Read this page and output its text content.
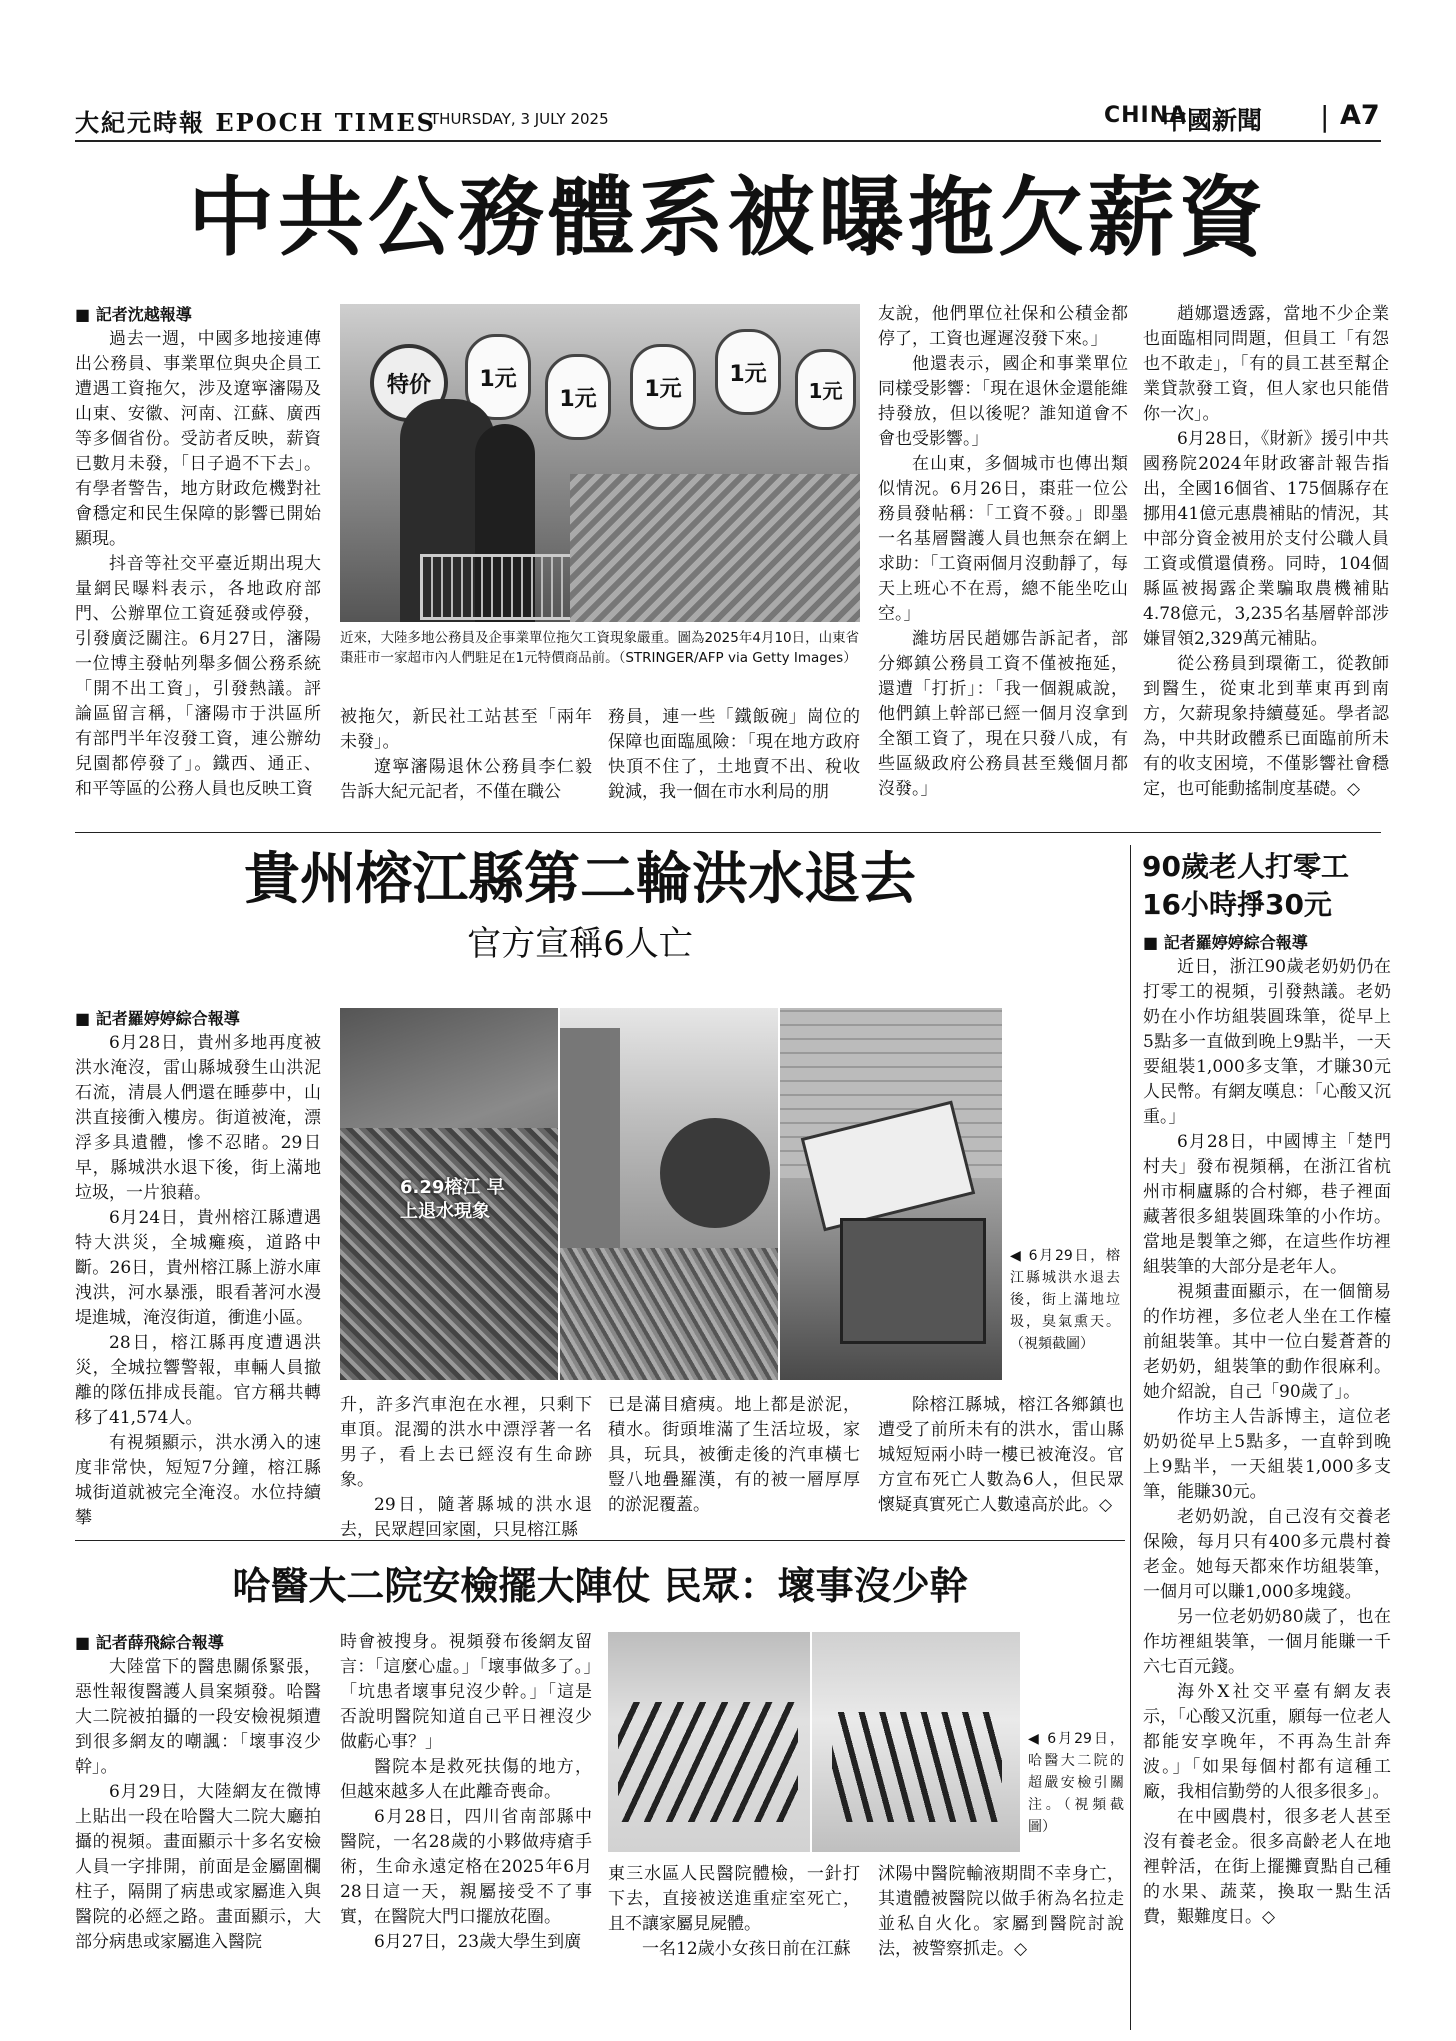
大紀元時報 EPOCH TIMES
THURSDAY, 3 JULY 2025	CHINA
中國新聞 | A7
中共公務體系被曝拖欠薪資
■ 記者沈越報導

過去一週，中國多地接連傳出公務員、事業單位與央企員工遭遇工資拖欠，涉及遼寧瀋陽及山東、安徽、河南、江蘇、廣西等多個省份。受訪者反映，薪資已數月未發，「日子過不下去」。有學者警告，地方財政危機對社會穩定和民生保障的影響已開始顯現。

抖音等社交平臺近期出現大量網民曝料表示，各地政府部門、公辦單位工資延發或停發，引發廣泛關注。6月27日，瀋陽一位博主發帖列舉多個公務系統「開不出工資」，引發熱議。評論區留言稱，「瀋陽市于洪區所有部門半年沒發工資，連公辦幼兒園都停發了」。鐵西、通正、和平等區的公務人員也反映工資

特价 1元
1元 1元
1元
1元
近來，大陸多地公務員及企事業單位拖欠工資現象嚴重。圖為2025年4月10日，山東省棗莊市一家超市內人們駐足在1元特價商品前。（STRINGER/AFP via Getty Images）

被拖欠，新民社工站甚至「兩年未發」。

遼寧瀋陽退休公務員李仁毅告訴大紀元記者，不僅在職公

務員，連一些「鐵飯碗」崗位的保障也面臨風險：「現在地方政府快頂不住了，土地賣不出、稅收銳減，我一個在市水利局的朋

友說，他們單位社保和公積金都停了，工資也遲遲沒發下來。」

他還表示，國企和事業單位同樣受影響：「現在退休金還能維持發放，但以後呢？誰知道會不會也受影響。」

在山東，多個城市也傳出類似情況。6月26日，棗莊一位公務員發帖稱：「工資不發。」即墨一名基層醫護人員也無奈在網上求助：「工資兩個月沒動靜了，每天上班心不在焉，總不能坐吃山空。」

濰坊居民趙娜告訴記者，部分鄉鎮公務員工資不僅被拖延，還遭「打折」：「我一個親戚說，他們鎮上幹部已經一個月沒拿到全額工資了，現在只發八成，有些區級政府公務員甚至幾個月都沒發。」

趙娜還透露，當地不少企業也面臨相同問題，但員工「有怨也不敢走」，「有的員工甚至幫企業貸款發工資，但人家也只能借你一次」。

6月28日，《財新》援引中共國務院2024年財政審計報告指出，全國16個省、175個縣存在挪用41億元惠農補貼的情況，其中部分資金被用於支付公職人員工資或償還債務。同時，104個縣區被揭露企業騙取農機補貼4.78億元，3,235名基層幹部涉嫌冒領2,329萬元補貼。

從公務員到環衛工，從教師到醫生，從東北到華東再到南方，欠薪現象持續蔓延。學者認為，中共財政體系已面臨前所未有的收支困境，不僅影響社會穩定，也可能動搖制度基礎。◇

貴州榕江縣第二輪洪水退去
官方宣稱6人亡
■ 記者羅婷婷綜合報導

6月28日，貴州多地再度被洪水淹沒，雷山縣城發生山洪泥石流，清晨人們還在睡夢中，山洪直接衝入樓房。街道被淹，漂浮多具遺體，慘不忍睹。29日早，縣城洪水退下後，街上滿地垃圾，一片狼藉。

6月24日，貴州榕江縣遭遇特大洪災，全城癱瘓，道路中斷。26日，貴州榕江縣上游水庫洩洪，河水暴漲，眼看著河水漫堤進城，淹沒街道，衝進小區。

28日，榕江縣再度遭遇洪災，全城拉響警報，車輛人員撤離的隊伍排成長龍。官方稱共轉移了41,574人。

有視頻顯示，洪水湧入的速度非常快，短短7分鐘，榕江縣城街道就被完全淹沒。水位持續攀

6.29榕江 早上退水現象
◀ 6月29日，榕江縣城洪水退去後，街上滿地垃圾，臭氣熏天。（視頻截圖）

升，許多汽車泡在水裡，只剩下車頂。混濁的洪水中漂浮著一名男子，看上去已經沒有生命跡象。

29日，隨著縣城的洪水退去，民眾趕回家園，只見榕江縣

已是滿目瘡痍。地上都是淤泥，積水。街頭堆滿了生活垃圾，家具，玩具，被衝走後的汽車橫七豎八地疊羅漢，有的被一層厚厚的淤泥覆蓋。

除榕江縣城，榕江各鄉鎮也遭受了前所未有的洪水，雷山縣城短短兩小時一樓已被淹沒。官方宣布死亡人數為6人，但民眾懷疑真實死亡人數遠高於此。◇

哈醫大二院安檢擺大陣仗 民眾：壞事沒少幹
■ 記者薛飛綜合報導

大陸當下的醫患關係緊張，惡性報復醫護人員案頻發。哈醫大二院被拍攝的一段安檢視頻遭到很多網友的嘲諷：「壞事沒少幹」。

6月29日，大陸網友在微博上貼出一段在哈醫大二院大廳拍攝的視頻。畫面顯示十多名安檢人員一字排開，前面是金屬圍欄柱子，隔開了病患或家屬進入與醫院的必經之路。畫面顯示，大部分病患或家屬進入醫院

時會被搜身。視頻發布後網友留言：「這麼心虛。」「壞事做多了。」「坑患者壞事兒沒少幹。」「這是否說明醫院知道自己平日裡沒少做虧心事？」

醫院本是救死扶傷的地方，但越來越多人在此離奇喪命。

6月28日，四川省南部縣中醫院，一名28歲的小夥做痔瘡手術，生命永遠定格在2025年6月28日這一天，親屬接受不了事實，在醫院大門口擺放花圈。

6月27日，23歲大學生到廣

◀ 6月29日，哈醫大二院的超嚴安檢引關注。（視頻截圖）

東三水區人民醫院體檢，一針打下去，直接被送進重症室死亡，且不讓家屬見屍體。

一名12歲小女孩日前在江蘇

沭陽中醫院輸液期間不幸身亡，其遺體被醫院以做手術為名拉走並私自火化。家屬到醫院討說法，被警察抓走。◇

90歲老人打零工
16小時掙30元
■ 記者羅婷婷綜合報導

近日，浙江90歲老奶奶仍在打零工的視頻，引發熱議。老奶奶在小作坊組裝圓珠筆，從早上5點多一直做到晚上9點半，一天要組裝1,000多支筆，才賺30元人民幣。有網友嘆息：「心酸又沉重。」

6月28日，中國博主「楚門村夫」發布視頻稱，在浙江省杭州市桐廬縣的合村鄉，巷子裡面藏著很多組裝圓珠筆的小作坊。當地是製筆之鄉，在這些作坊裡組裝筆的大部分是老年人。

視頻畫面顯示，在一個簡易的作坊裡，多位老人坐在工作檯前組裝筆。其中一位白髮蒼蒼的老奶奶，組裝筆的動作很麻利。她介紹說，自己「90歲了」。

作坊主人告訴博主，這位老奶奶從早上5點多，一直幹到晚上9點半，一天組裝1,000多支筆，能賺30元。

老奶奶說，自己沒有交養老保險，每月只有400多元農村養老金。她每天都來作坊組裝筆，一個月可以賺1,000多塊錢。

另一位老奶奶80歲了，也在作坊裡組裝筆，一個月能賺一千六七百元錢。

海外X社交平臺有網友表示，「心酸又沉重，願每一位老人都能安享晚年，不再為生計奔波。」「如果每個村都有這種工廠，我相信勤勞的人很多很多」。

在中國農村，很多老人甚至沒有養老金。很多高齡老人在地裡幹活，在街上擺攤賣點自己種的水果、蔬菜，換取一點生活費，艱難度日。◇
